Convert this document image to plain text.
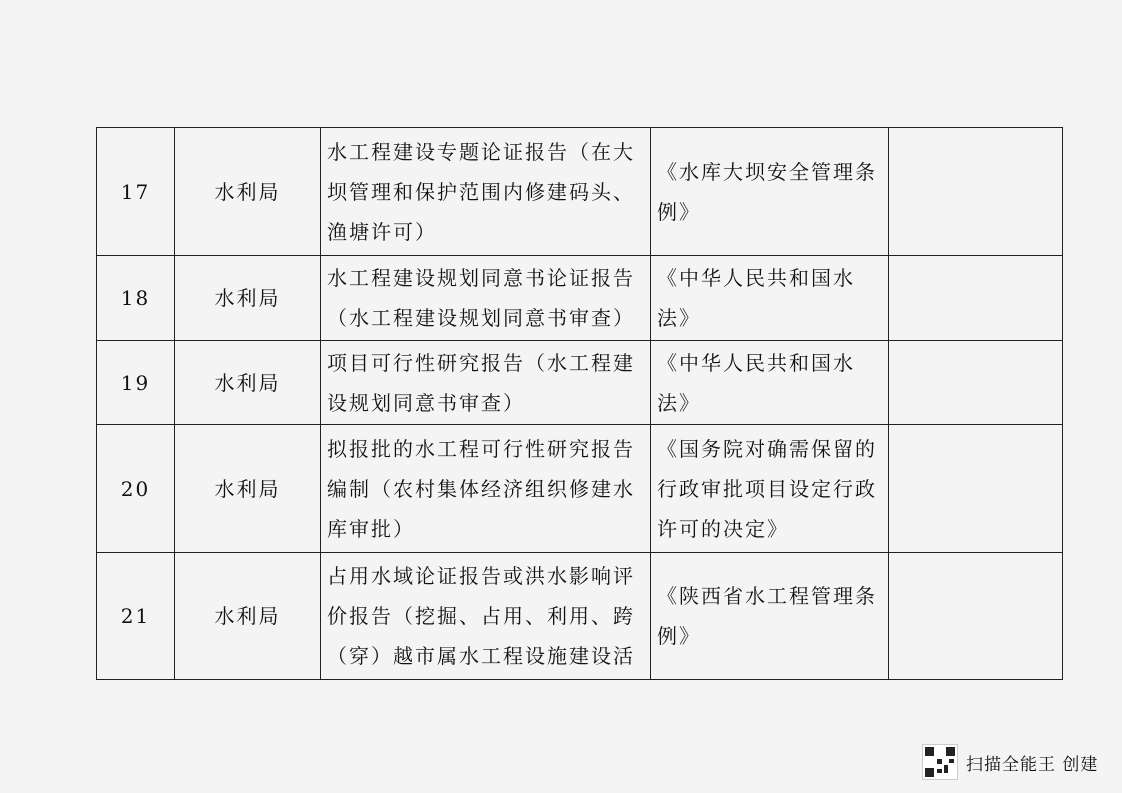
17	水利局	水工程建设专题论证报告（在大坝管理和保护范围内修建码头、渔塘许可）	《水库大坝安全管理条例》	
18	水利局	水工程建设规划同意书论证报告（水工程建设规划同意书审查）	《中华人民共和国水法》	
19	水利局	项目可行性研究报告（水工程建设规划同意书审查）	《中华人民共和国水法》	
20	水利局	拟报批的水工程可行性研究报告编制（农村集体经济组织修建水库审批）	《国务院对确需保留的行政审批项目设定行政许可的决定》	
21	水利局	占用水域论证报告或洪水影响评价报告（挖掘、占用、利用、跨（穿）越市属水工程设施建设活	《陕西省水工程管理条例》	
扫描全能王 创建
